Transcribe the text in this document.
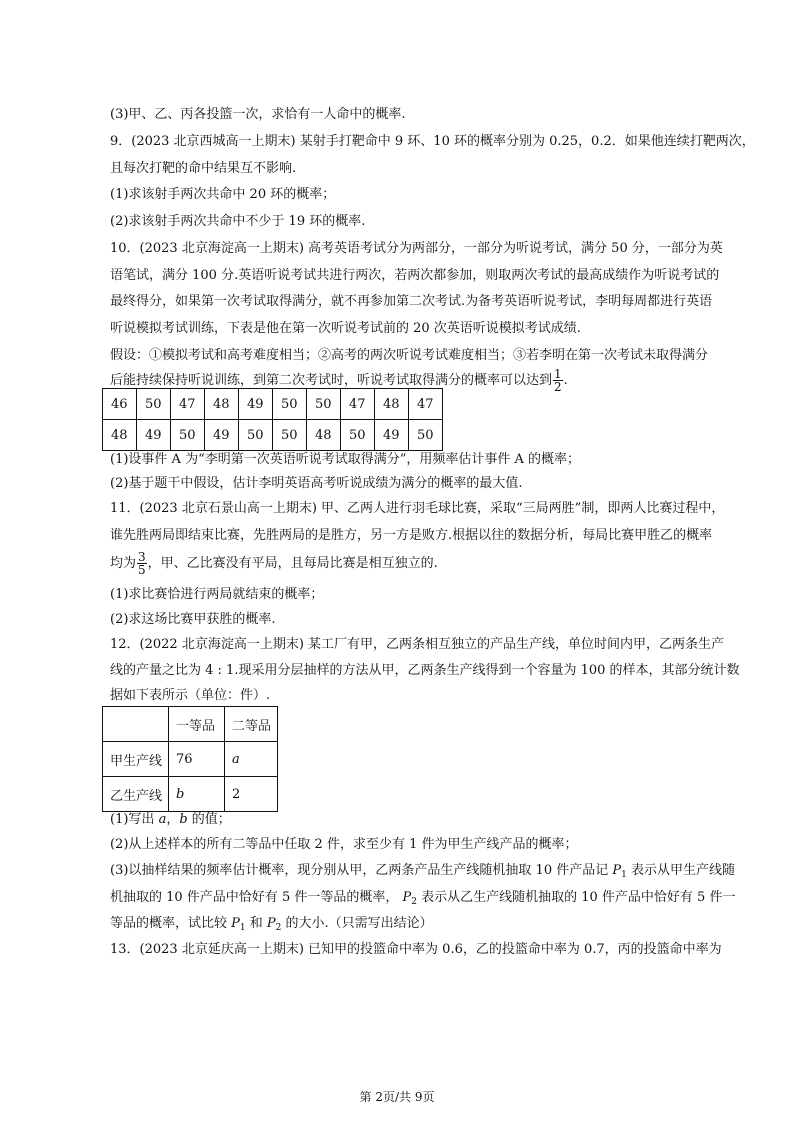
(3)甲、乙、丙各投篮一次，求恰有一人命中的概率.
9．(2023 北京西城高一上期末) 某射手打靶命中 9 环、10 环的概率分别为 0.25，0.2．如果他连续打靶两次，
且每次打靶的命中结果互不影响.
(1)求该射手两次共命中 20 环的概率；
(2)求该射手两次共命中不少于 19 环的概率.
10．(2023 北京海淀高一上期末) 高考英语考试分为两部分，一部分为听说考试，满分 50 分，一部分为英
语笔试，满分 100 分.英语听说考试共进行两次，若两次都参加，则取两次考试的最高成绩作为听说考试的
最终得分，如果第一次考试取得满分，就不再参加第二次考试.为备考英语听说考试，李明每周都进行英语
听说模拟考试训练，下表是他在第一次听说考试前的 20 次英语听说模拟考试成绩.
假设：①模拟考试和高考难度相当；②高考的两次听说考试难度相当；③若李明在第一次考试未取得满分
后能持续保持听说训练，到第二次考试时，听说考试取得满分的概率可以达到 $\frac{1}{2}$ .
46	50	47	48	49	50	50	47	48	47
48	49	50	49	50	50	48	50	49	50
(1)设事件 A 为“李明第一次英语听说考试取得满分”，用频率估计事件 A 的概率；
(2)基于题干中假设，估计李明英语高考听说成绩为满分的概率的最大值.
11．(2023 北京石景山高一上期末) 甲、乙两人进行羽毛球比赛，采取“三局两胜”制，即两人比赛过程中，
谁先胜两局即结束比赛，先胜两局的是胜方，另一方是败方.根据以往的数据分析，每局比赛甲胜乙的概率
均为 $\frac{3}{5}$ ，甲、乙比赛没有平局，且每局比赛是相互独立的.
(1)求比赛恰进行两局就结束的概率；
(2)求这场比赛甲获胜的概率.
12．(2022 北京海淀高一上期末) 某工厂有甲，乙两条相互独立的产品生产线，单位时间内甲，乙两条生产
线的产量之比为 4 : 1.现采用分层抽样的方法从甲，乙两条生产线得到一个容量为 100 的样本，其部分统计数
据如下表所示（单位：件）.
	一等品	二等品
甲生产线	76	a
乙生产线	b	2
(1)写出 a，b 的值；
(2)从上述样本的所有二等品中任取 2 件，求至少有 1 件为甲生产线产品的概率；
(3)以抽样结果的频率估计概率，现分别从甲，乙两条产品生产线随机抽取 10 件产品记 $P_1$ 表示从甲生产线随
机抽取的 10 件产品中恰好有 5 件一等品的概率， $P_2$ 表示从乙生产线随机抽取的 10 件产品中恰好有 5 件一
等品的概率，试比较 $P_1$ 和 $P_2$ 的大小.（只需写出结论）
13．(2023 北京延庆高一上期末) 已知甲的投篮命中率为 0.6，乙的投篮命中率为 0.7，丙的投篮命中率为
第 2页/共 9页
